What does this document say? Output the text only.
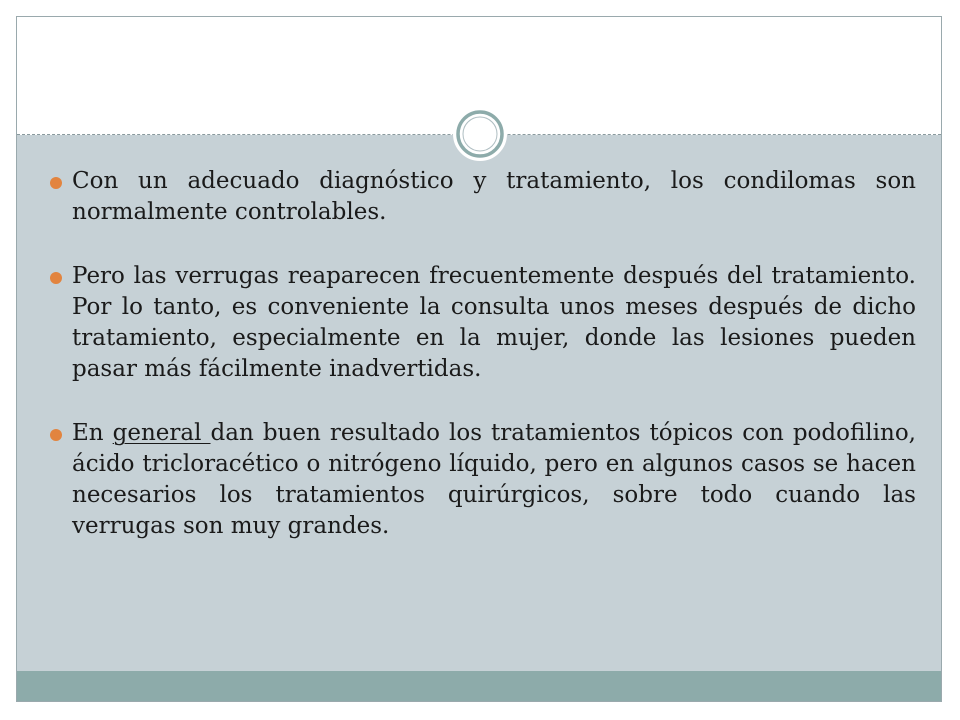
Con un adecuado diagnóstico y tratamiento, los condilomas son normalmente controlables.
Pero las verrugas reaparecen frecuentemente después del tratamiento. Por lo tanto, es conveniente la consulta unos meses después de dicho tratamiento, especialmente en la mujer, donde las lesiones pueden pasar más fácilmente inadvertidas.
En general dan buen resultado los tratamientos tópicos con podofilino, ácido tricloracético o nitrógeno líquido, pero en algunos casos se hacen necesarios los tratamientos quirúrgicos, sobre todo cuando las verrugas son muy grandes.
